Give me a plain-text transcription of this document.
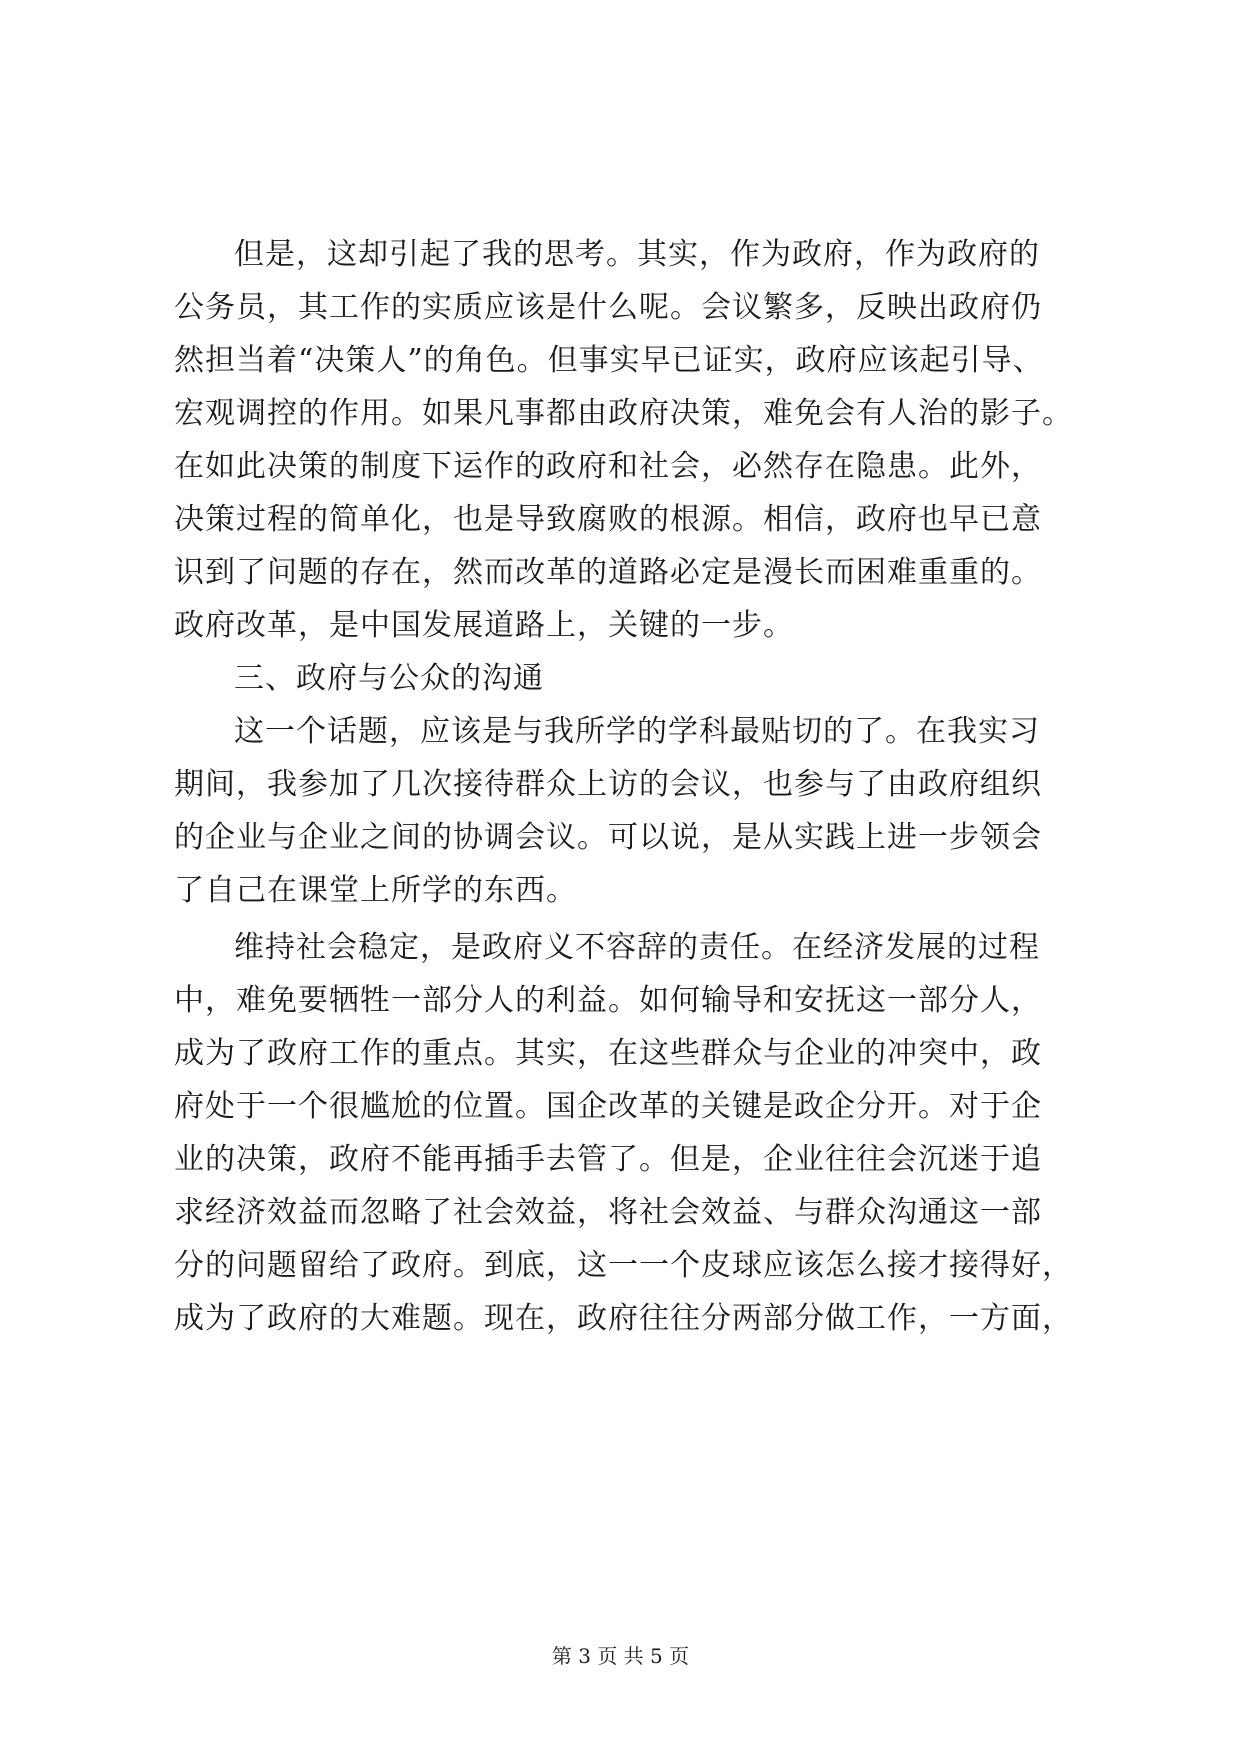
但是，这却引起了我的思考。其实，作为政府，作为政府的
公务员，其工作的实质应该是什么呢。会议繁多，反映出政府仍
然担当着“决策人”的角色。但事实早已证实，政府应该起引导、
宏观调控的作用。如果凡事都由政府决策，难免会有人治的影子。
在如此决策的制度下运作的政府和社会，必然存在隐患。此外，
决策过程的简单化，也是导致腐败的根源。相信，政府也早已意
识到了问题的存在，然而改革的道路必定是漫长而困难重重的。
政府改革，是中国发展道路上，关键的一步。
三、政府与公众的沟通
这一个话题，应该是与我所学的学科最贴切的了。在我实习
期间，我参加了几次接待群众上访的会议，也参与了由政府组织
的企业与企业之间的协调会议。可以说，是从实践上进一步领会
了自己在课堂上所学的东西。
维持社会稳定，是政府义不容辞的责任。在经济发展的过程
中，难免要牺牲一部分人的利益。如何输导和安抚这一部分人，
成为了政府工作的重点。其实，在这些群众与企业的冲突中，政
府处于一个很尴尬的位置。国企改革的关键是政企分开。对于企
业的决策，政府不能再插手去管了。但是，企业往往会沉迷于追
求经济效益而忽略了社会效益，将社会效益、与群众沟通这一部
分的问题留给了政府。到底，这一一个皮球应该怎么接才接得好，
成为了政府的大难题。现在，政府往往分两部分做工作，一方面，
第 3 页 共 5 页
